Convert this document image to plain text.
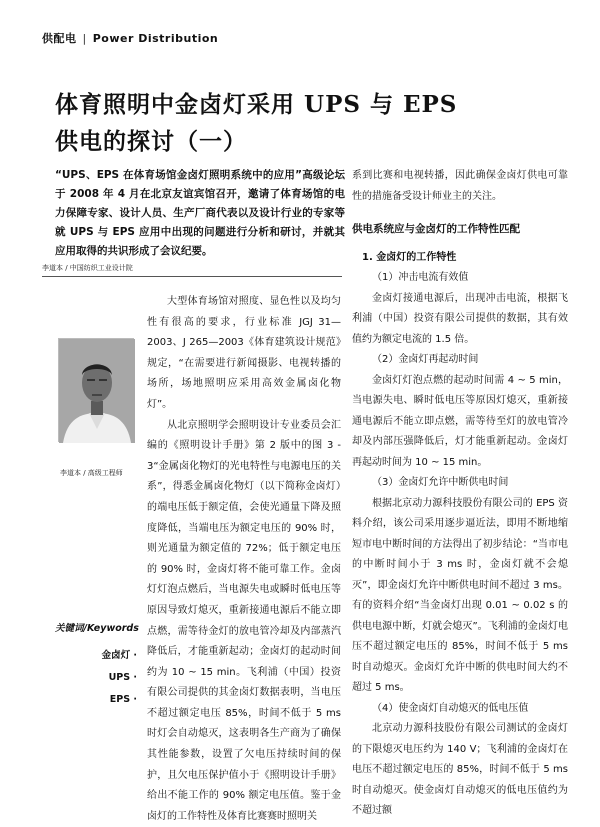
供配电 | Power Distribution
体育照明中金卤灯采用 UPS 与 EPS
供电的探讨（一）
“UPS、EPS 在体育场馆金卤灯照明系统中的应用”高级论坛于 2008 年 4 月在北京友谊宾馆召开，邀请了体育场馆的电力保障专家、设计人员、生产厂商代表以及设计行业的专家等就 UPS 与 EPS 应用中出现的问题进行分析和研讨，并就其应用取得的共识形成了会议纪要。
李道本 / 中国纺织工业设计院
李道本 / 高级工程师
关键词/Keywords
金卤灯 ·
UPS ·
EPS ·

大型体育场馆对照度、显色性以及均匀性有很高的要求，行业标准 JGJ 31—2003、J 265—2003《体育建筑设计规范》规定，“在需要进行新闻摄影、电视转播的场所，场地照明应采用高效金属卤化物灯”。

从北京照明学会照明设计专业委员会汇编的《照明设计手册》第 2 版中的图 3 - 3“金属卤化物灯的光电特性与电源电压的关系”，得悉金属卤化物灯（以下简称金卤灯）的端电压低于额定值，会使光通量下降及照度降低，当端电压为额定电压的 90% 时，则光通量为额定值的 72%；低于额定电压的 90% 时，金卤灯将不能可靠工作。金卤灯灯泡点燃后，当电源失电或瞬时低电压等原因导致灯熄灭，重新接通电源后不能立即点燃，需等待金灯的放电管冷却及内部蒸汽降低后，才能重新起动；金卤灯的起动时间约为 10 ~ 15 min。飞利浦（中国）投资有限公司提供的其金卤灯数据表明，当电压不超过额定电压 85%，时间不低于 5 ms 时灯会自动熄灭，这表明各生产商为了确保其性能参数，设置了欠电压持续时间的保护，且欠电压保护值小于《照明设计手册》给出不能工作的 90% 额定电压值。鉴于金卤灯的工作特性及体育比赛赛时照明关

系到比赛和电视转播，因此确保金卤灯供电可靠性的措施备受设计师业主的关注。

供电系统应与金卤灯的工作特性匹配
1. 金卤灯的工作特性
（1）冲击电流有效值

金卤灯接通电源后，出现冲击电流，根据飞利浦（中国）投资有限公司提供的数据，其有效值约为额定电流的 1.5 倍。

（2）金卤灯再起动时间

金卤灯灯泡点燃的起动时间需 4 ~ 5 min，当电源失电、瞬时低电压等原因灯熄灭，重新接通电源后不能立即点燃，需等待至灯的放电管冷却及内部压强降低后，灯才能重新起动。金卤灯再起动时间为 10 ~ 15 min。

（3）金卤灯允许中断供电时间

根据北京动力源科技股份有限公司的 EPS 资料介绍，该公司采用逐步逼近法，即用不断地缩短市电中断时间的方法得出了初步结论：“当市电的中断时间小于 3 ms 时，金卤灯就不会熄灭”，即金卤灯允许中断供电时间不超过 3 ms。有的资料介绍“当金卤灯出现 0.01 ~ 0.02 s 的供电电源中断，灯就会熄灭”。飞利浦的金卤灯电压不超过额定电压的 85%，时间不低于 5 ms 时自动熄灭。金卤灯允许中断的供电时间大约不超过 5 ms。

（4）使金卤灯自动熄灭的低电压值

北京动力源科技股份有限公司测试的金卤灯的下限熄灭电压约为 140 V；飞利浦的金卤灯在电压不超过额定电压的 85%，时间不低于 5 ms 时自动熄灭。使金卤灯自动熄灭的低电压值约为不超过额
